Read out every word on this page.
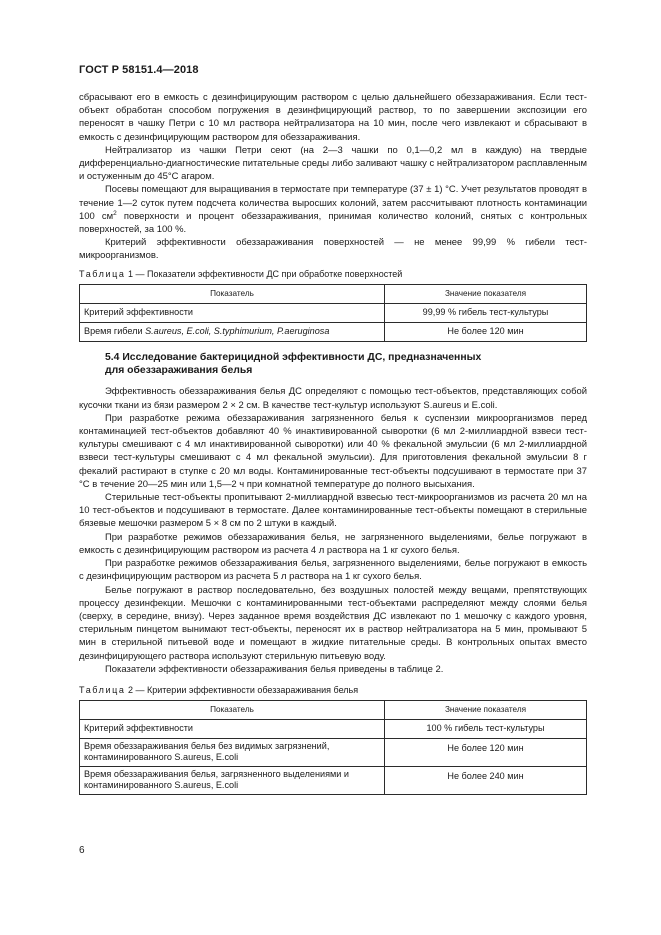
ГОСТ Р 58151.4—2018

сбрасывают его в емкость с дезинфицирующим раствором с целью дальнейшего обеззараживания. Если тест-объект обработан способом погружения в дезинфицирующий раствор, то по завершении экспозиции его переносят в чашку Петри с 10 мл раствора нейтрализатора на 10 мин, после чего извлекают и сбрасывают в емкость с дезинфицирующим раствором для обеззараживания.

Нейтрализатор из чашки Петри сеют (на 2—3 чашки по 0,1—0,2 мл в каждую) на твердые дифференциально-диагностические питательные среды либо заливают чашку с нейтрализатором расплавленным и остуженным до 45°С агаром.

Посевы помещают для выращивания в термостате при температуре (37 ± 1) °С. Учет результатов проводят в течение 1—2 суток путем подсчета количества выросших колоний, затем рассчитывают плотность контаминации 100 $см^2$ поверхности и процент обеззараживания, принимая количество колоний, снятых с контрольных поверхностей, за 100 %.

Критерий эффективности обеззараживания поверхностей — не менее 99,99 % гибели тест-микроорганизмов.

Таблица 1 — Показатели эффективности ДС при обработке поверхностей
Показатель	Значение показателя
Критерий эффективности	99,99 % гибель тест-культуры
Время гибели S.aureus, E.coli, S.typhimurium, P.aeruginosa	Не более 120 мин
5.4 Исследование бактерицидной эффективности ДС, предназначенных
для обеззараживания белья

Эффективность обеззараживания белья ДС определяют с помощью тест-объектов, представляющих собой кусочки ткани из бязи размером 2 × 2 см. В качестве тест-культур используют S.aureus и E.coli.

При разработке режима обеззараживания загрязненного белья к суспензии микроорганизмов перед контаминацией тест-объектов добавляют 40 % инактивированной сыворотки (6 мл 2-миллиардной взвеси тест-культуры смешивают с 4 мл инактивированной сыворотки) или 40 % фекальной эмульсии (6 мл 2-миллиардной взвеси тест-культуры смешивают с 4 мл фекальной эмульсии). Для приготовления фекальной эмульсии 8 г фекалий растирают в ступке с 20 мл воды. Контаминированные тест-объекты подсушивают в термостате при 37 °С в течение 20—25 мин или 1,5—2 ч при комнатной температуре до полного высыхания.

Стерильные тест-объекты пропитывают 2-миллиардной взвесью тест-микроорганизмов из расчета 20 мл на 10 тест-объектов и подсушивают в термостате. Далее контаминированные тест-объекты помещают в стерильные бязевые мешочки размером 5 × 8 см по 2 штуки в каждый.

При разработке режимов обеззараживания белья, не загрязненного выделениями, белье погружают в емкость с дезинфицирующим раствором из расчета 4 л раствора на 1 кг сухого белья.

При разработке режимов обеззараживания белья, загрязненного выделениями, белье погружают в емкость с дезинфицирующим раствором из расчета 5 л раствора на 1 кг сухого белья.

Белье погружают в раствор последовательно, без воздушных полостей между вещами, препятствующих процессу дезинфекции. Мешочки с контаминированными тест-объектами распределяют между слоями белья (сверху, в середине, внизу). Через заданное время воздействия ДС извлекают по 1 мешочку с каждого уровня, стерильным пинцетом вынимают тест-объекты, переносят их в раствор нейтрализатора на 5 мин, промывают 5 мин в стерильной питьевой воде и помещают в жидкие питательные среды. В контрольных опытах вместо дезинфицирующего раствора используют стерильную питьевую воду.

Показатели эффективности обеззараживания белья приведены в таблице 2.

Таблица 2 — Критерии эффективности обеззараживания белья
Показатель	Значение показателя
Критерий эффективности	100 % гибель тест-культуры
Время обеззараживания белья без видимых загрязнений, контаминированного S.aureus, E.coli	Не более 120 мин
Время обеззараживания белья, загрязненного выделениями и контаминированного S.aureus, E.coli	Не более 240 мин
6
